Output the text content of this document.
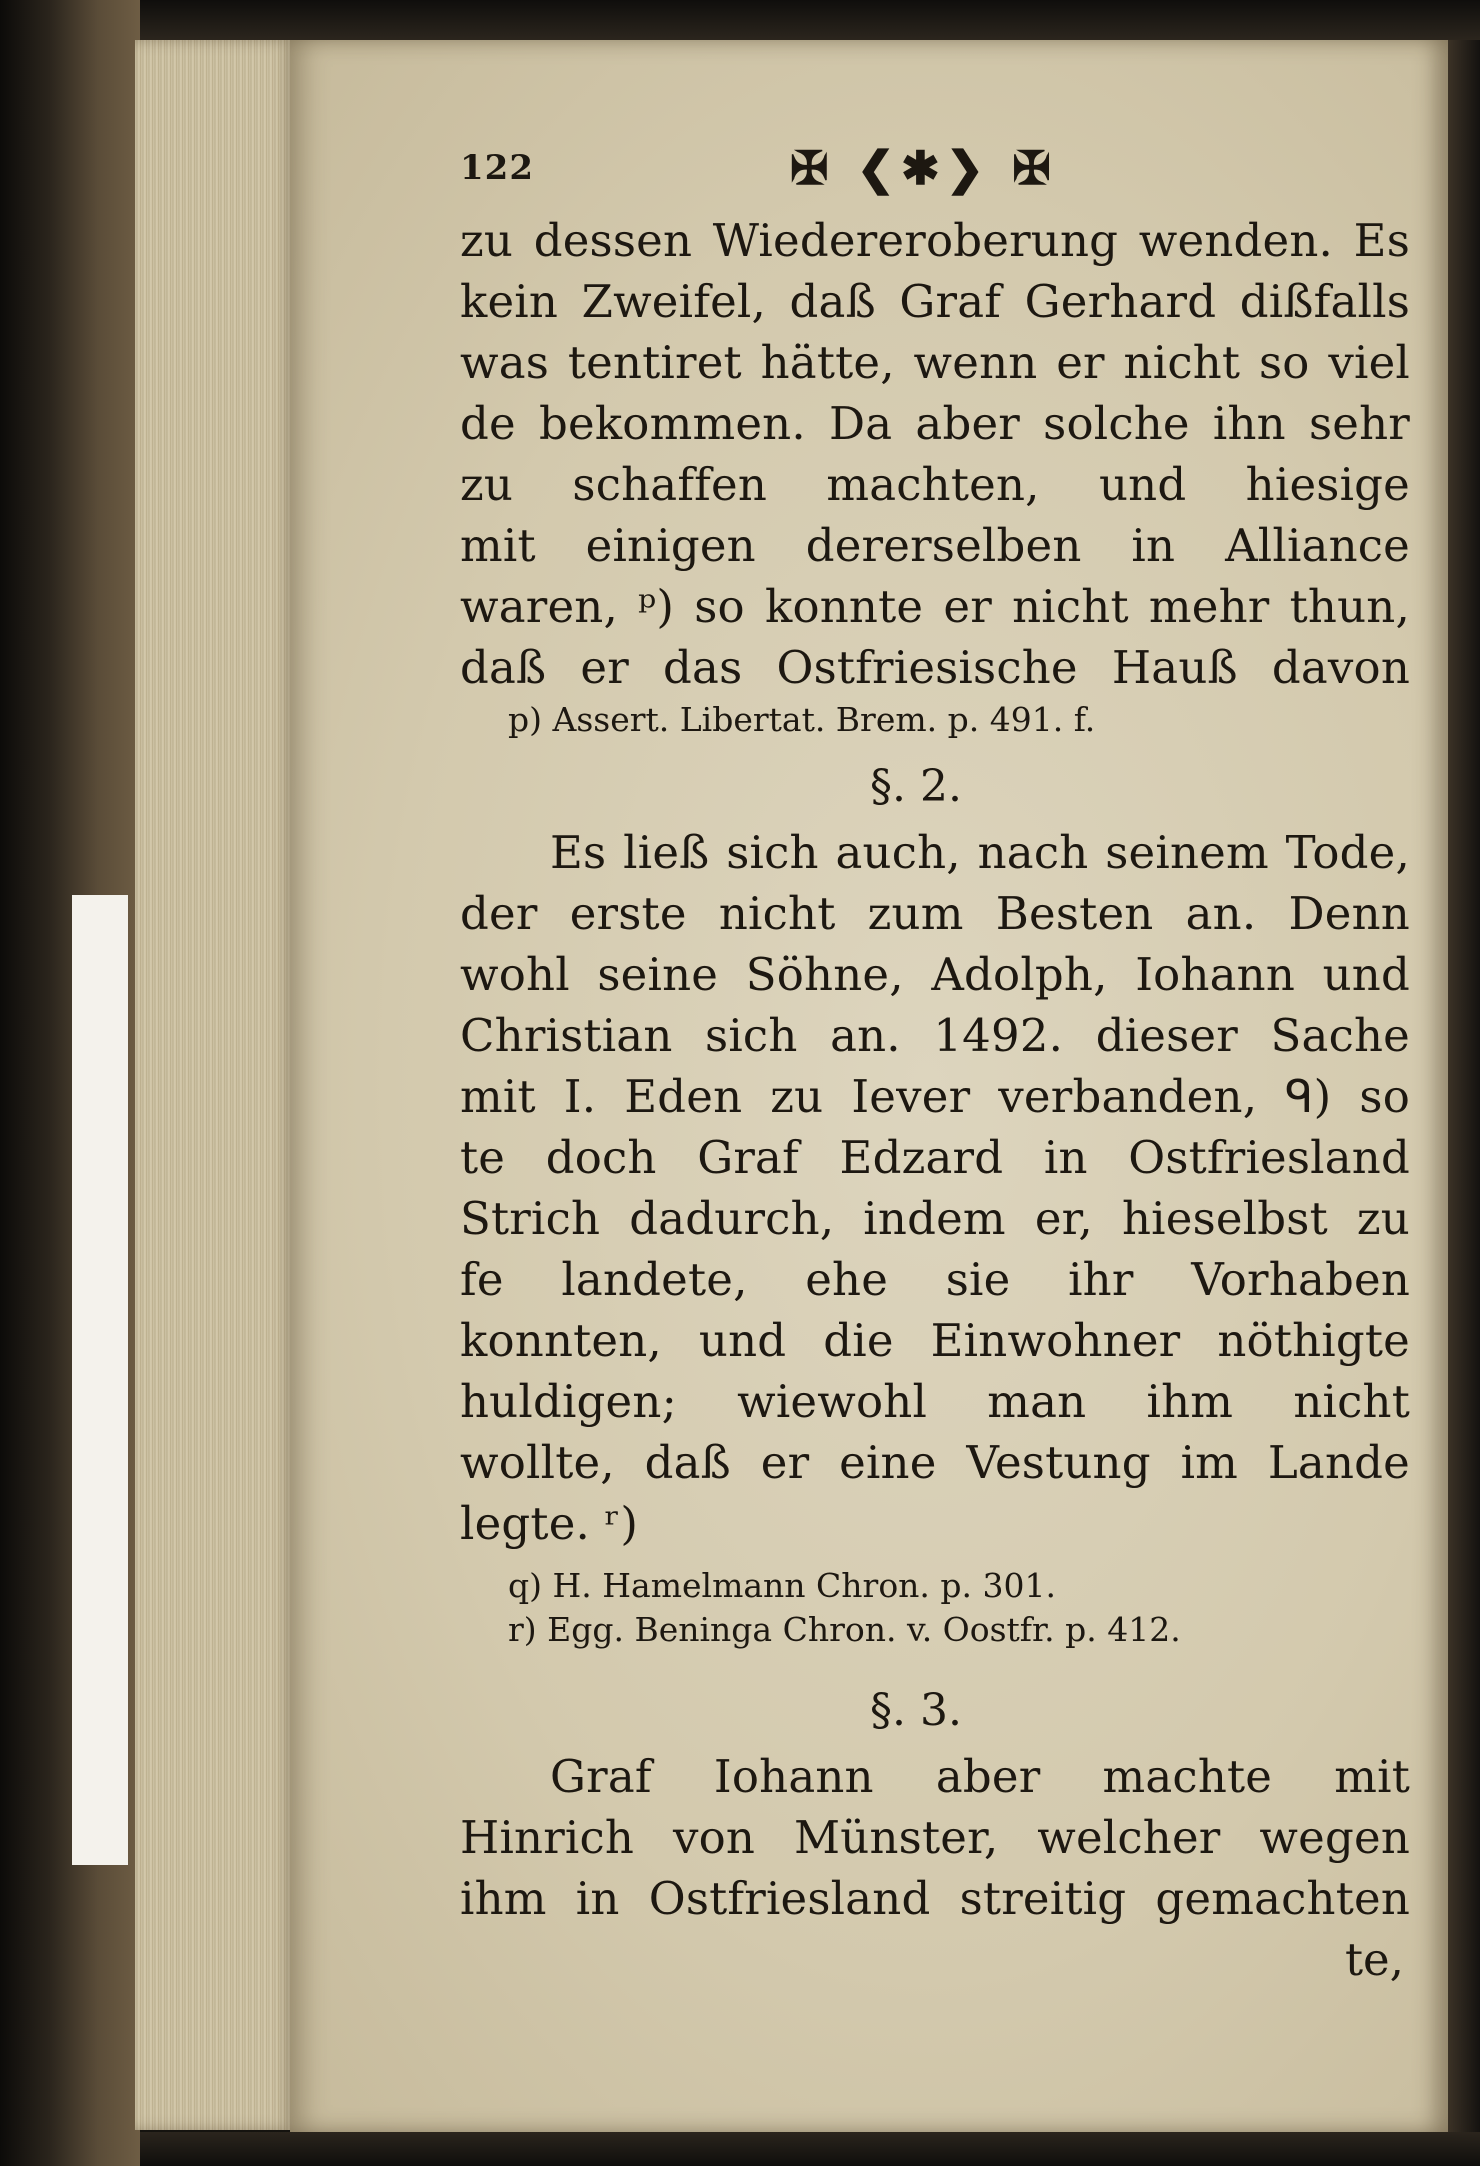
122	✠ ❮✱❯ ✠
zu dessen Wiedereroberung wenden. Es
kein Zweifel, daß Graf Gerhard dißfalls
was tentiret hätte, wenn er nicht so viel
de bekommen. Da aber solche ihn sehr
zu schaffen machten, und hiesige
mit einigen dererselben in Alliance
waren, ᵖ) so konnte er nicht mehr thun,
daß er das Ostfriesische Hauß davon
p) Assert. Libertat. Brem. p. 491. f.
§. 2.
Es ließ sich auch, nach seinem Tode,
der erste nicht zum Besten an. Denn
wohl seine Söhne, Adolph, Iohann und
Christian sich an. 1492. dieser Sache
mit I. Eden zu Iever verbanden, ᑫ) so
te doch Graf Edzard in Ostfriesland
Strich dadurch, indem er, hieselbst zu
fe landete, ehe sie ihr Vorhaben
konnten, und die Einwohner nöthigte
huldigen; wiewohl man ihm nicht
wollte, daß er eine Vestung im Lande
legte. ʳ)
q) H. Hamelmann Chron. p. 301.
r) Egg. Beninga Chron. v. Oostfr. p. 412.
§. 3.
Graf Iohann aber machte mit
Hinrich von Münster, welcher wegen
ihm in Ostfriesland streitig gemachten
te,
